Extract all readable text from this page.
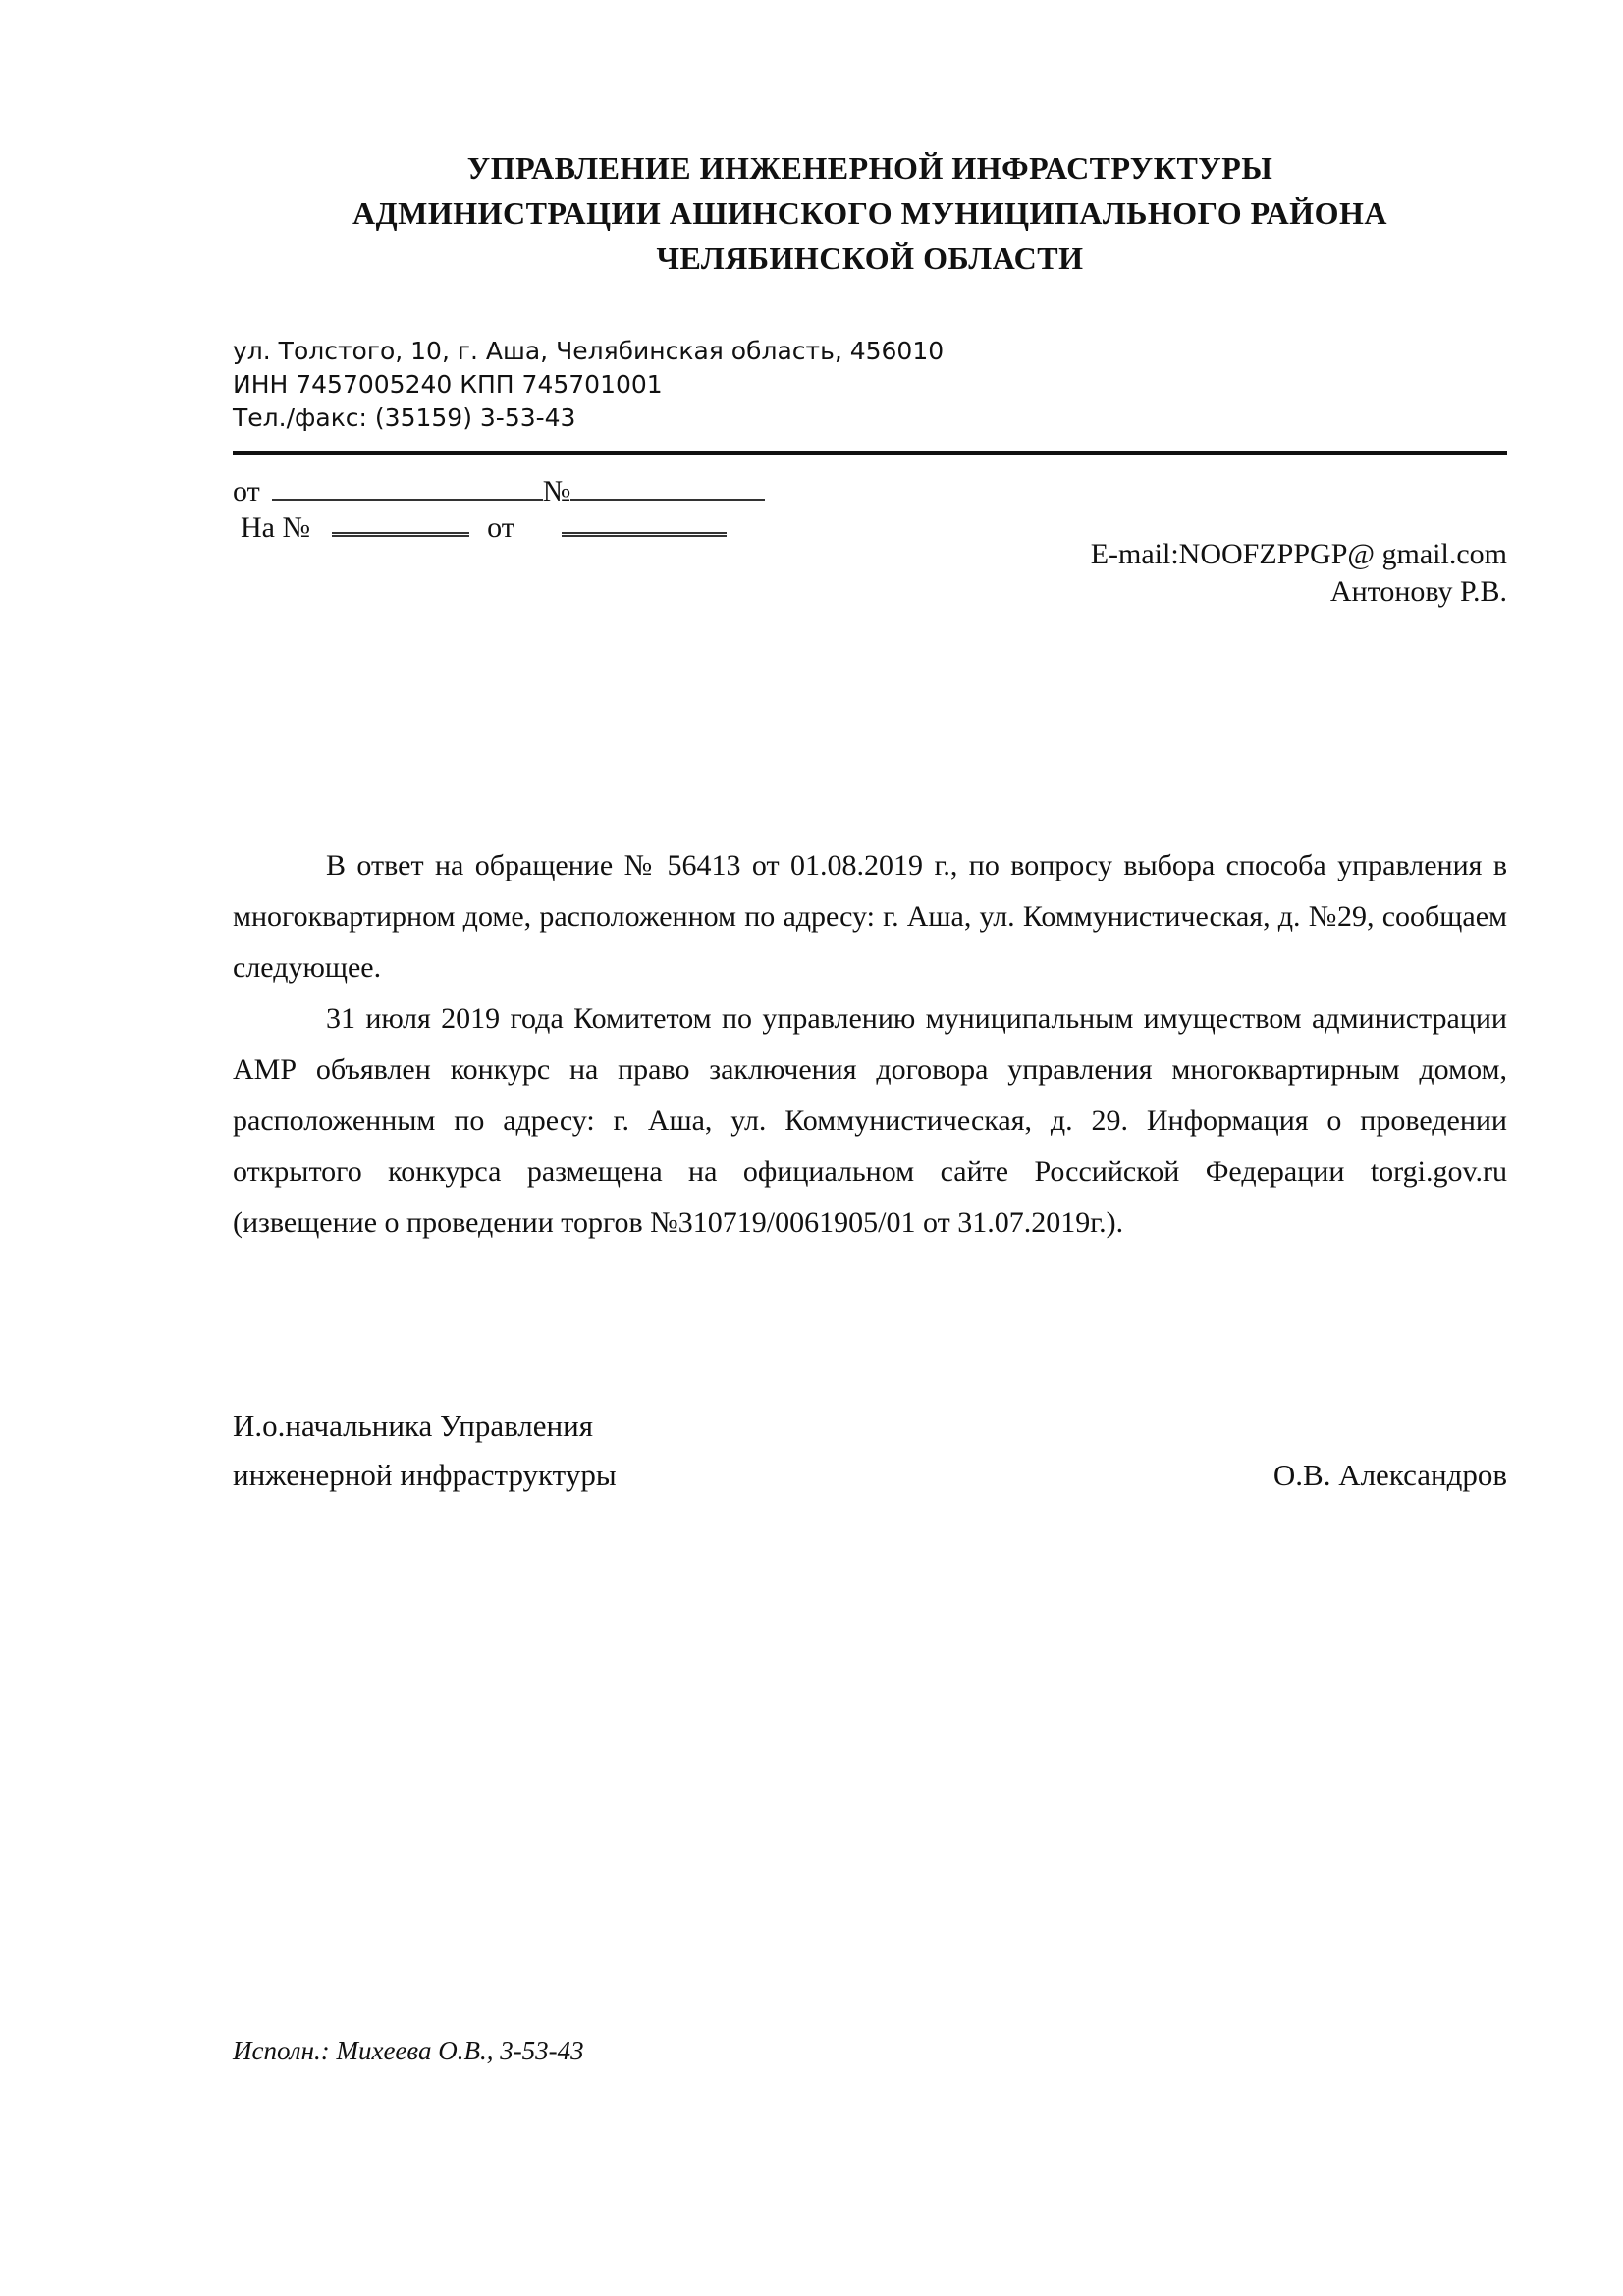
УПРАВЛЕНИЕ ИНЖЕНЕРНОЙ ИНФРАСТРУКТУРЫ
АДМИНИСТРАЦИИ АШИНСКОГО МУНИЦИПАЛЬНОГО РАЙОНА
ЧЕЛЯБИНСКОЙ ОБЛАСТИ
ул. Толстого, 10, г. Аша, Челябинская область, 456010
ИНН 7457005240 КПП 745701001
Тел./факс: (35159) 3-53-43
от	№
На №	от
E-mail:NOOFZPPGP@ gmail.com
Антонову Р.В.

В ответ на обращение № 56413 от 01.08.2019 г., по вопросу выбора способа управления в многоквартирном доме, расположенном по адресу: г. Аша, ул. Коммунистическая, д. №29, сообщаем следующее.

31 июля 2019 года Комитетом по управлению муниципальным имуществом администрации АМР объявлен конкурс на право заключения договора управления многоквартирным домом, расположенным по адресу: г. Аша, ул. Коммунистическая, д. 29. Информация о проведении открытого конкурса размещена на официальном сайте Российской Федерации torgi.gov.ru (извещение о проведении торгов №310719/0061905/01 от 31.07.2019г.).

И.о.начальника Управления
инженерной инфраструктуры	О.В. Александров
Исполн.: Михеева О.В., 3-53-43
